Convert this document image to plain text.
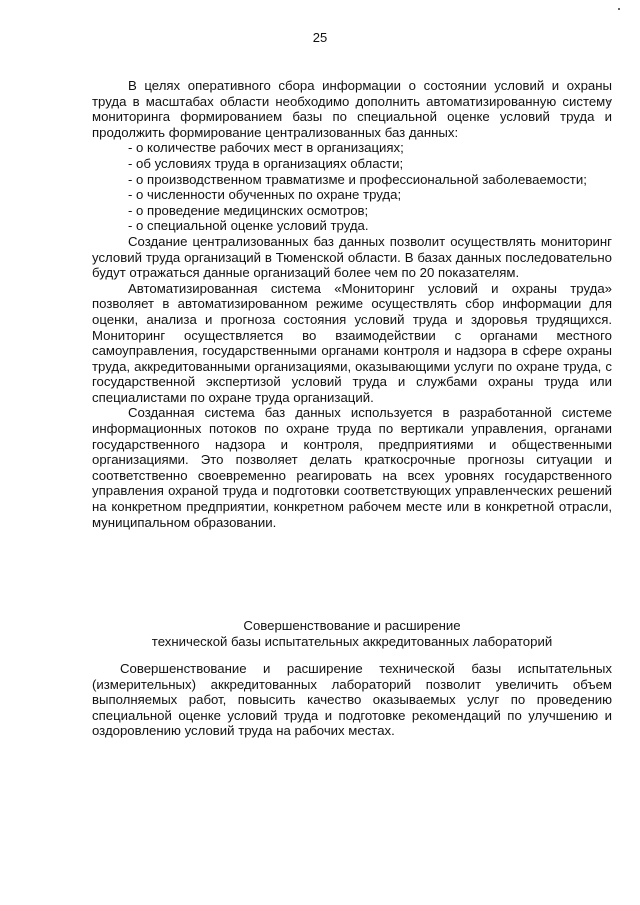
25

В целях оперативного сбора информации о состоянии условий и охраны труда в масштабах области необходимо дополнить автоматизированную систему мониторинга формированием базы по специальной оценке условий труда и продолжить формирование централизованных баз данных:

- о количестве рабочих мест в организациях;

- об условиях труда в организациях области;

- о производственном травматизме и профессиональной заболеваемости;

- о численности обученных по охране труда;

- о проведение медицинских осмотров;

- о специальной оценке условий труда.

Создание централизованных баз данных позволит осуществлять мониторинг условий труда организаций в Тюменской области. В базах данных последовательно будут отражаться данные организаций более чем по 20 показателям.

Автоматизированная система «Мониторинг условий и охраны труда» позволяет в автоматизированном режиме осуществлять сбор информации для оценки, анализа и прогноза состояния условий труда и здоровья трудящихся. Мониторинг осуществляется во взаимодействии с органами местного самоуправления, государственными органами контроля и надзора в сфере охраны труда, аккредитованными организациями, оказывающими услуги по охране труда, с государственной экспертизой условий труда и службами охраны труда или специалистами по охране труда организаций.

Созданная система баз данных используется в разработанной системе информационных потоков по охране труда по вертикали управления, органами государственного надзора и контроля, предприятиями и общественными организациями. Это позволяет делать краткосрочные прогнозы ситуации и соответственно своевременно реагировать на всех уровнях государственного управления охраной труда и подготовки соответствующих управленческих решений на конкретном предприятии, конкретном рабочем месте или в конкретной отрасли, муниципальном образовании.

Совершенствование и расширение
технической базы испытательных аккредитованных лабораторий

Совершенствование и расширение технической базы испытательных (измерительных) аккредитованных лабораторий позволит увеличить объем выполняемых работ, повысить качество оказываемых услуг по проведению специальной оценке условий труда и подготовке рекомендаций по улучшению и оздоровлению условий труда на рабочих местах.
